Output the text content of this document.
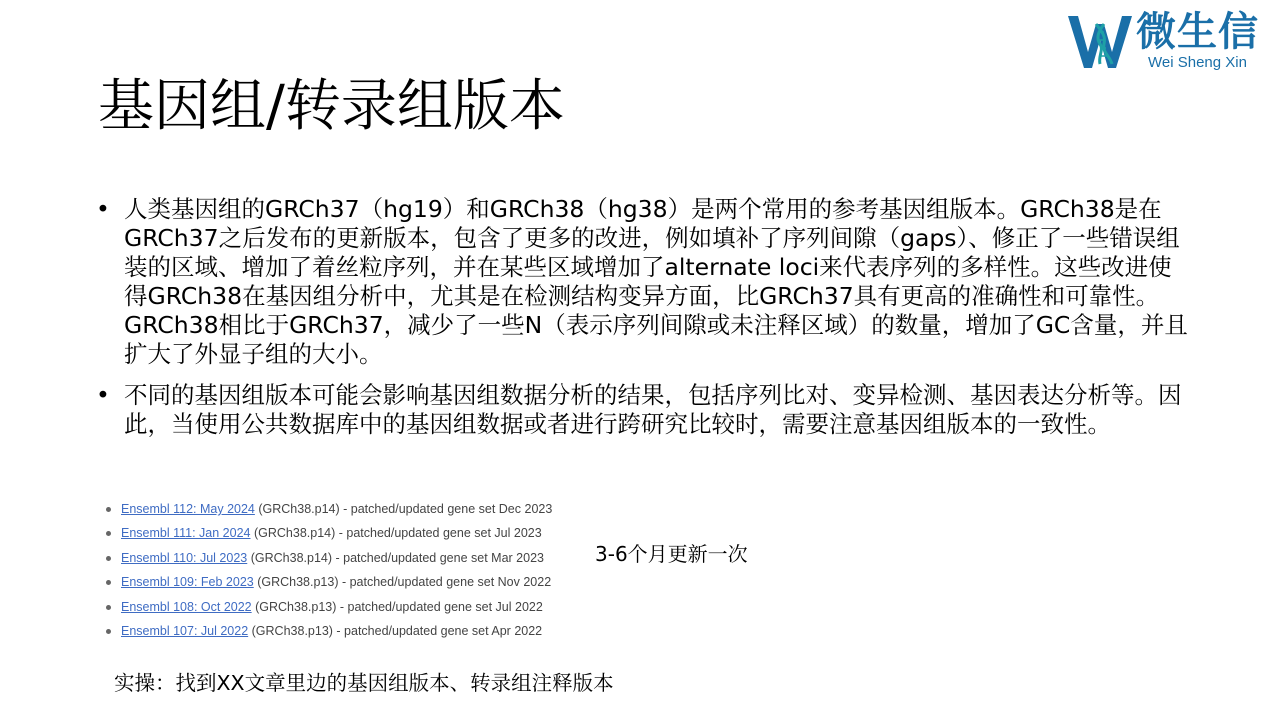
微生信
Wei Sheng Xin
基因组/转录组版本
• 人类基因组的GRCh37（hg19）和GRCh38（hg38）是两个常用的参考基因组版本。GRCh38是在GRCh37之后发布的更新版本，包含了更多的改进，例如填补了序列间隙（gaps）、修正了一些错误组装的区域、增加了着丝粒序列，并在某些区域增加了alternate loci来代表序列的多样性。这些改进使得GRCh38在基因组分析中，尤其是在检测结构变异方面，比GRCh37具有更高的准确性和可靠性。GRCh38相比于GRCh37，减少了一些N（表示序列间隙或未注释区域）的数量，增加了GC含量，并且扩大了外显子组的大小。
• 不同的基因组版本可能会影响基因组数据分析的结果，包括序列比对、变异检测、基因表达分析等。因此，当使用公共数据库中的基因组数据或者进行跨研究比较时，需要注意基因组版本的一致性。
Ensembl 112: May 2024 (GRCh38.p14) - patched/updated gene set Dec 2023
Ensembl 111: Jan 2024 (GRCh38.p14) - patched/updated gene set Jul 2023
Ensembl 110: Jul 2023 (GRCh38.p14) - patched/updated gene set Mar 2023
Ensembl 109: Feb 2023 (GRCh38.p13) - patched/updated gene set Nov 2022
Ensembl 108: Oct 2022 (GRCh38.p13) - patched/updated gene set Jul 2022
Ensembl 107: Jul 2022 (GRCh38.p13) - patched/updated gene set Apr 2022
3-6个月更新一次
实操：找到XX文章里边的基因组版本、转录组注释版本
